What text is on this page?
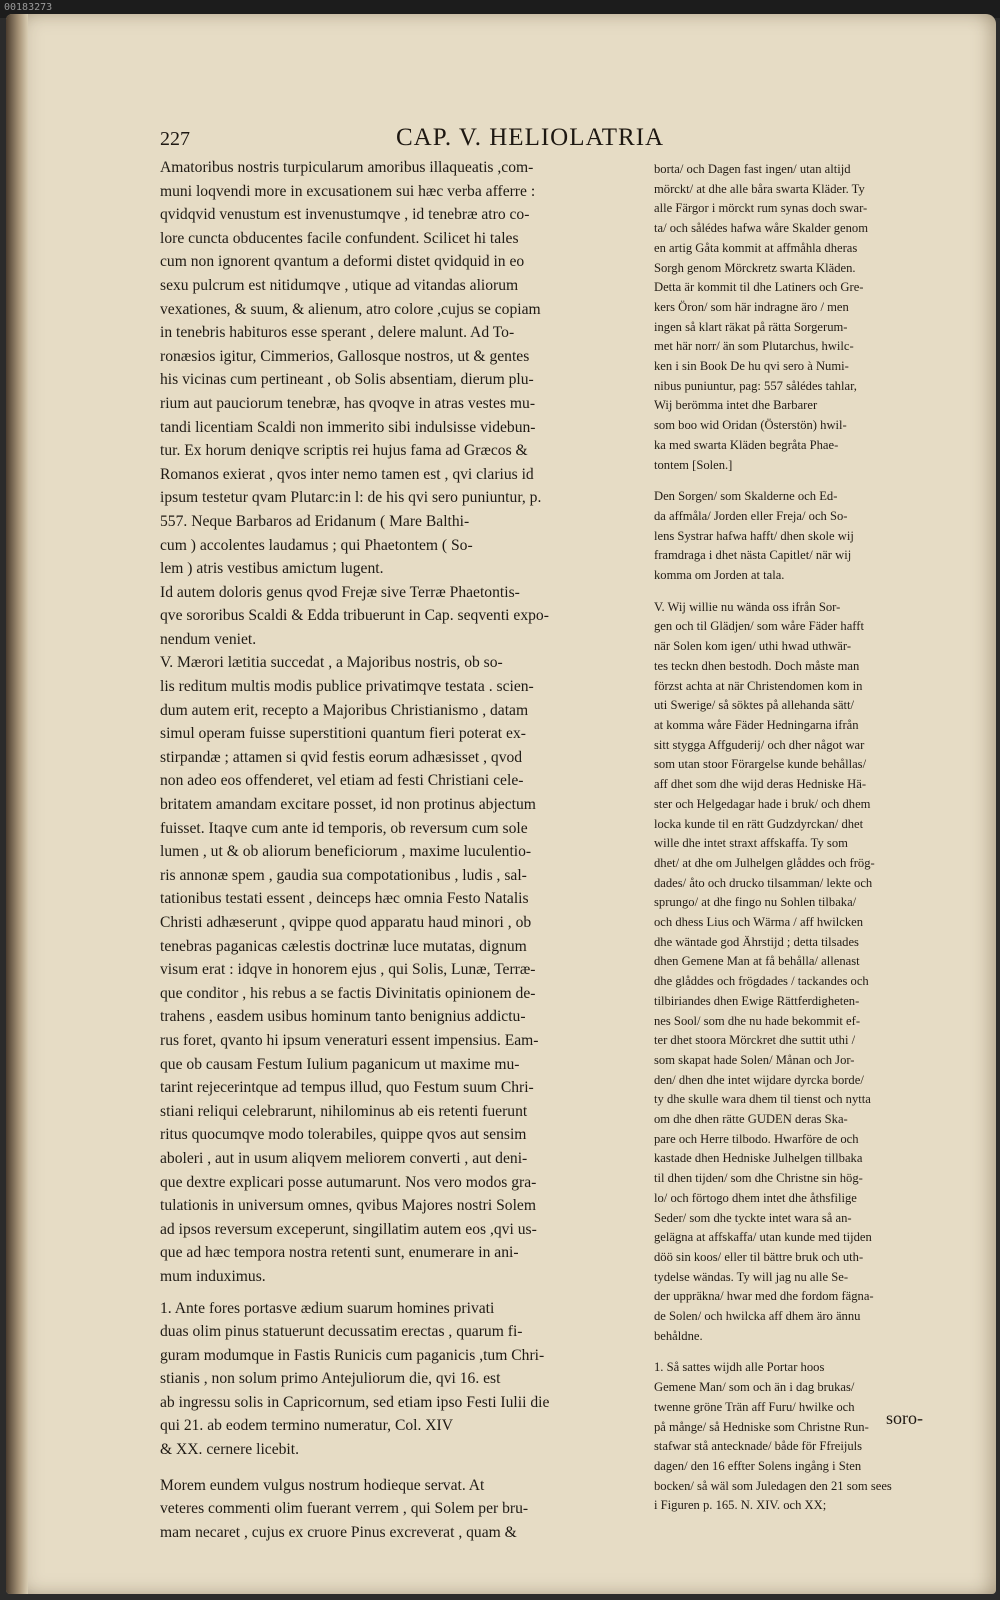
00183273
227	CAP. V. HELIOLATRIA
Amatoribus nostris turpicularum amoribus illaqueatis ,com-
muni loqvendi more in excusationem sui hæc verba afferre :
qvidqvid venustum est invenustumqve , id tenebræ atro co-
lore cuncta obducentes facile confundent. Scilicet hi tales
cum non ignorent qvantum a deformi distet qvidquid in eo
sexu pulcrum est nitidumqve , utique ad vitandas aliorum
vexationes, & suum, & alienum, atro colore ,cujus se copiam
in tenebris habituros esse sperant , delere malunt. Ad To-
ronæsios igitur, Cimmerios, Gallosque nostros, ut & gentes
his vicinas cum pertineant , ob Solis absentiam, dierum plu-
rium aut pauciorum tenebræ, has qvoqve in atras vestes mu-
tandi licentiam Scaldi non immerito sibi indulsisse videbun-
tur. Ex horum deniqve scriptis rei hujus fama ad Græcos &
Romanos exierat , qvos inter nemo tamen est , qvi clarius id
ipsum testetur qvam Plutarc:in l: de his qvi sero puniuntur, p.
557. Neque Barbaros ad Eridanum ( Mare Balthi-
cum ) accolentes laudamus ; qui Phaetontem ( So-
lem ) atris vestibus amictum lugent.
Id autem doloris genus qvod Frejæ sive Terræ Phaetontis-
qve sororibus Scaldi & Edda tribuerunt in Cap. seqventi expo-
nendum veniet.
V. Mærori lætitia succedat , a Majoribus nostris, ob so-
lis reditum multis modis publice privatimqve testata . scien-
dum autem erit, recepto a Majoribus Christianismo , datam
simul operam fuisse superstitioni quantum fieri poterat ex-
stirpandæ ; attamen si qvid festis eorum adhæsisset , qvod
non adeo eos offenderet, vel etiam ad festi Christiani cele-
britatem amandam excitare posset, id non protinus abjectum
fuisset. Itaqve cum ante id temporis, ob reversum cum sole
lumen , ut & ob aliorum beneficiorum , maxime luculentio-
ris annonæ spem , gaudia sua compotationibus , ludis , sal-
tationibus testati essent , deinceps hæc omnia Festo Natalis
Christi adhæserunt , qvippe quod apparatu haud minori , ob
tenebras paganicas cælestis doctrinæ luce mutatas, dignum
visum erat : idqve in honorem ejus , qui Solis, Lunæ, Terræ-
que conditor , his rebus a se factis Divinitatis opinionem de-
trahens , easdem usibus hominum tanto benignius addictu-
rus foret, qvanto hi ipsum veneraturi essent impensius. Eam-
que ob causam Festum Iulium paganicum ut maxime mu-
tarint rejecerintque ad tempus illud, quo Festum suum Chri-
stiani reliqui celebrarunt, nihilominus ab eis retenti fuerunt
ritus quocumqve modo tolerabiles, quippe qvos aut sensim
aboleri , aut in usum aliqvem meliorem converti , aut deni-
que dextre explicari posse autumarunt. Nos vero modos gra-
tulationis in universum omnes, qvibus Majores nostri Solem
ad ipsos reversum exceperunt, singillatim autem eos ,qvi us-
que ad hæc tempora nostra retenti sunt, enumerare in ani-
mum induximus.
1. Ante fores portasve ædium suarum homines privati
duas olim pinus statuerunt decussatim erectas , quarum fi-
guram modumque in Fastis Runicis cum paganicis ,tum Chri-
stianis , non solum primo Antejuliorum die, qvi 16. est
ab ingressu solis in Capricornum, sed etiam ipso Festi Iulii die
qui 21. ab eodem termino numeratur, Col. XIV
& XX. cernere licebit.
Morem eundem vulgus nostrum hodieque servat. At
veteres commenti olim fuerant verrem , qui Solem per bru-
mam necaret , cujus ex cruore Pinus excreverat , quam &
borta/ och Dagen fast ingen/ utan altijd
mörckt/ at dhe alle båra swarta Kläder. Ty
alle Färgor i mörckt rum synas doch swar-
ta/ och sålédes hafwa wåre Skalder genom
en artig Gåta kommit at affmåhla dheras
Sorgh genom Mörckretz swarta Kläden.
Detta är kommit til dhe Latiners och Gre-
kers Öron/ som här indragne äro / men
ingen så klart räkat på rätta Sorgerum-
met här norr/ än som Plutarchus, hwilc-
ken i sin Book De hu qvi sero à Numi-
nibus puniuntur, pag: 557 sålédes tahlar,
Wij berömma intet dhe Barbarer
som boo wid Oridan (Österstön) hwil-
ka med swarta Kläden begråta Phae-
tontem [Solen.]
Den Sorgen/ som Skalderne och Ed-
da affmåla/ Jorden eller Freja/ och So-
lens Systrar hafwa hafft/ dhen skole wij
framdraga i dhet nästa Capitlet/ när wij
komma om Jorden at tala.
V. Wij willie nu wända oss ifrån Sor-
gen och til Glädjen/ som wåre Fäder hafft
när Solen kom igen/ uthi hwad uthwär-
tes teckn dhen bestodh. Doch måste man
förzst achta at när Christendomen kom in
uti Swerige/ så söktes på allehanda sätt/
at komma wåre Fäder Hedningarna ifrån
sitt stygga Affguderij/ och dher något war
som utan stoor Förargelse kunde behållas/
aff dhet som dhe wijd deras Hedniske Hä-
ster och Helgedagar hade i bruk/ och dhem
locka kunde til en rätt Gudzdyrckan/ dhet
wille dhe intet straxt affskaffa. Ty som
dhet/ at dhe om Julhelgen glåddes och frög-
dades/ åto och drucko tilsamman/ lekte och
sprungo/ at dhe fingo nu Sohlen tilbaka/
och dhess Lius och Wärma / aff hwilcken
dhe wäntade god Ährstijd ; detta tilsades
dhen Gemene Man at få behålla/ allenast
dhe glåddes och frögdades / tackandes och
tilbiriandes dhen Ewige Rättferdigheten-
nes Sool/ som dhe nu hade bekommit ef-
ter dhet stoora Mörckret dhe suttit uthi /
som skapat hade Solen/ Månan och Jor-
den/ dhen dhe intet wijdare dyrcka borde/
ty dhe skulle wara dhem til tienst och nytta
om dhe dhen rätte GUDEN deras Ska-
pare och Herre tilbodo. Hwarföre de och
kastade dhen Hedniske Julhelgen tillbaka
til dhen tijden/ som dhe Christne sin hög-
lo/ och förtogo dhem intet dhe åthsfilige
Seder/ som dhe tyckte intet wara så an-
gelägna at affskaffa/ utan kunde med tijden
döö sin koos/ eller til bättre bruk och uth-
tydelse wändas. Ty will jag nu alle Se-
der uppräkna/ hwar med dhe fordom fägna-
de Solen/ och hwilcka aff dhem äro ännu
behåldne.
1. Så sattes wijdh alle Portar hoos
Gemene Man/ som och än i dag brukas/
twenne gröne Trän aff Furu/ hwilke och
på månge/ så Hedniske som Christne Run-
stafwar stå antecknade/ både för Ffreijuls
dagen/ den 16 effter Solens ingång i Sten
bocken/ så wäl som Juledagen den 21 som sees
i Figuren p. 165. N. XIV. och XX;
soro-
